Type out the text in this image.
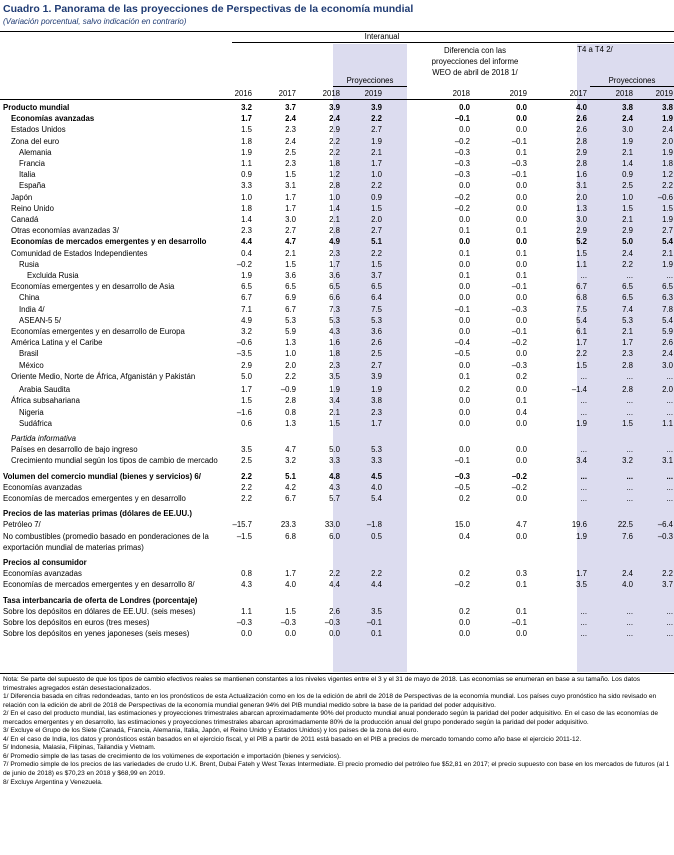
Cuadro 1. Panorama de las proyecciones de Perspectivas de la economía mundial
(Variación porcentual, salvo indicación en contrario)
Interanual
Diferencia con las
proyecciones del informe
WEO de abril de 2018 1/
T4 a T4 2/
Proyecciones	Proyecciones
2016	2017	2018	2019	2018	2019	2017	2018	2019
Producto mundial	3.2	3.7	3.9	3.9	0.0	0.0	4.0	3.8	3.8
Economías avanzadas	1.7	2.4	2.4	2.2	–0.1	0.0	2.6	2.4	1.9
Estados Unidos	1.5	2.3	2.9	2.7	0.0	0.0	2.6	3.0	2.4
Zona del euro	1.8	2.4	2.2	1.9	–0.2	–0.1	2.8	1.9	2.0
Alemania	1.9	2.5	2.2	2.1	–0.3	0.1	2.9	2.1	1.9
Francia	1.1	2.3	1.8	1.7	–0.3	–0.3	2.8	1.4	1.8
Italia	0.9	1.5	1.2	1.0	–0.3	–0.1	1.6	0.9	1.2
España	3.3	3.1	2.8	2.2	0.0	0.0	3.1	2.5	2.2
Japón	1.0	1.7	1.0	0.9	–0.2	0.0	2.0	1.0	–0.6
Reino Unido	1.8	1.7	1.4	1.5	–0.2	0.0	1.3	1.5	1.5
Canadá	1.4	3.0	2.1	2.0	0.0	0.0	3.0	2.1	1.9
Otras economías avanzadas 3/	2.3	2.7	2.8	2.7	0.1	0.1	2.9	2.9	2.7
Economías de mercados emergentes y en desarrollo	4.4	4.7	4.9	5.1	0.0	0.0	5.2	5.0	5.4
Comunidad de Estados Independientes	0.4	2.1	2.3	2.2	0.1	0.1	1.5	2.4	2.1
Rusia	–0.2	1.5	1.7	1.5	0.0	0.0	1.1	2.2	1.9
Excluida Rusia	1.9	3.6	3.6	3.7	0.1	0.1	...	...	...
Economías emergentes y en desarrollo de Asia	6.5	6.5	6.5	6.5	0.0	–0.1	6.7	6.5	6.5
China	6.7	6.9	6.6	6.4	0.0	0.0	6.8	6.5	6.3
India 4/	7.1	6.7	7.3	7.5	–0.1	–0.3	7.5	7.4	7.8
ASEAN-5 5/	4.9	5.3	5.3	5.3	0.0	0.0	5.4	5.3	5.4
Economías emergentes y en desarrollo de Europa	3.2	5.9	4.3	3.6	0.0	–0.1	6.1	2.1	5.9
América Latina y el Caribe	–0.6	1.3	1.6	2.6	–0.4	–0.2	1.7	1.7	2.6
Brasil	–3.5	1.0	1.8	2.5	–0.5	0.0	2.2	2.3	2.4
México	2.9	2.0	2.3	2.7	0.0	–0.3	1.5	2.8	3.0
Oriente Medio, Norte de África, Afganistán y Pakistán	5.0	2.2	3.5	3.9	0.1	0.2	...	...	...
Arabia Saudita	1.7	–0.9	1.9	1.9	0.2	0.0	–1.4	2.8	2.0
África subsahariana	1.5	2.8	3.4	3.8	0.0	0.1	...	...	...
Nigeria	–1.6	0.8	2.1	2.3	0.0	0.4	...	...	...
Sudáfrica	0.6	1.3	1.5	1.7	0.0	0.0	1.9	1.5	1.1
Partida informativa
Países en desarrollo de bajo ingreso	3.5	4.7	5.0	5.3	0.0	0.0	...	...	...
Crecimiento mundial según los tipos de cambio de mercado	2.5	3.2	3.3	3.3	–0.1	0.0	3.4	3.2	3.1
Volumen del comercio mundial (bienes y servicios) 6/	2.2	5.1	4.8	4.5	–0.3	–0.2	...	...	...
Economías avanzadas	2.2	4.2	4.3	4.0	–0.5	–0.2	...	...	...
Economías de mercados emergentes y en desarrollo	2.2	6.7	5.7	5.4	0.2	0.0	...	...	...
Precios de las materias primas (dólares de EE.UU.)
Petróleo 7/	–15.7	23.3	33.0	–1.8	15.0	4.7	19.6	22.5	–6.4
No combustibles (promedio basado en ponderaciones de la	–1.5	6.8	6.0	0.5	0.4	0.0	1.9	7.6	–0.3
exportación mundial de materias primas)
Precios al consumidor
Economías avanzadas	0.8	1.7	2.2	2.2	0.2	0.3	1.7	2.4	2.2
Economías de mercados emergentes y en desarrollo 8/	4.3	4.0	4.4	4.4	–0.2	0.1	3.5	4.0	3.7
Tasa interbancaria de oferta de Londres (porcentaje)
Sobre los depósitos en dólares de EE.UU. (seis meses)	1.1	1.5	2.6	3.5	0.2	0.1	...	...	...
Sobre los depósitos en euros (tres meses)	–0.3	–0.3	–0.3	–0.1	0.0	–0.1	...	...	...
Sobre los depósitos en yenes japoneses (seis meses)	0.0	0.0	0.0	0.1	0.0	0.0	...	...	...

Nota: Se parte del supuesto de que los tipos de cambio efectivos reales se mantienen constantes a los niveles vigentes entre el 3 y el 31 de mayo de 2018. Las economías se enumeran en base a su tamaño. Los datos trimestrales agregados están desestacionalizados.

1/ Diferencia basada en cifras redondeadas, tanto en los pronósticos de esta Actualización como en los de la edición de abril de 2018 de Perspectivas de la economía mundial. Los países cuyo pronóstico ha sido revisado en relación con la edición de abril de 2018 de Perspectivas de la economía mundial generan 94% del PIB mundial medido sobre la base de la paridad del poder adquisitivo.

2/ En el caso del producto mundial, las estimaciones y proyecciones trimestrales abarcan aproximadamente 90% del producto mundial anual ponderado según la paridad del poder adquisitivo. En el caso de las economías de mercados emergentes y en desarrollo, las estimaciones y proyecciones trimestrales abarcan aproximadamente 80% de la producción anual del grupo ponderado según la paridad del poder adquisitivo.

3/ Excluye el Grupo de los Siete (Canadá, Francia, Alemania, Italia, Japón, el Reino Unido y Estados Unidos) y los países de la zona del euro.

4/ En el caso de India, los datos y pronósticos están basados en el ejercicio fiscal, y el PIB a partir de 2011 está basado en el PIB a precios de mercado tomando como año base el ejercicio 2011-12.

5/ Indonesia, Malasia, Filipinas, Tailandia y Vietnam.

6/ Promedio simple de las tasas de crecimiento de los volúmenes de exportación e importación (bienes y servicios).

7/ Promedio simple de los precios de las variedades de crudo U.K. Brent, Dubai Fateh y West Texas Intermediate. El precio promedio del petróleo fue $52,81 en 2017; el precio supuesto con base en los mercados de futuros (al 1 de junio de 2018) es $70,23 en 2018 y $68,99 en 2019.

8/ Excluye Argentina y Venezuela.
